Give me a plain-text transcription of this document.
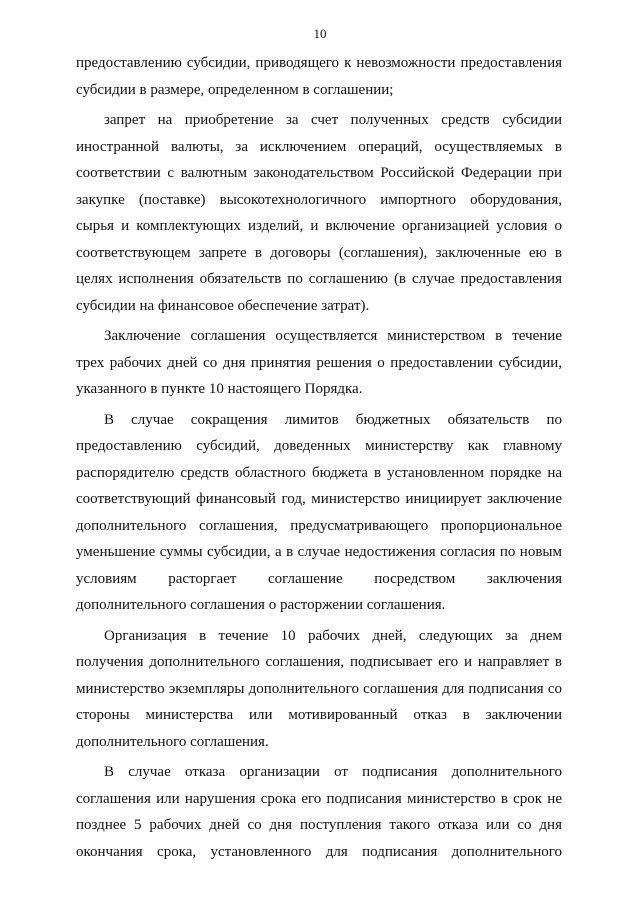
10
предоставлению субсидии, приводящего к невозможности предоставления
субсидии в размере, определенном в соглашении;
запрет на приобретение за счет полученных средств субсидии
иностранной валюты, за исключением операций, осуществляемых в
соответствии с валютным законодательством Российской Федерации при
закупке (поставке) высокотехнологичного импортного оборудования,
сырья и комплектующих изделий, и включение организацией условия о
соответствующем запрете в договоры (соглашения), заключенные ею в
целях исполнения обязательств по соглашению (в случае предоставления
субсидии на финансовое обеспечение затрат).
Заключение соглашения осуществляется министерством в течение
трех рабочих дней со дня принятия решения о предоставлении субсидии,
указанного в пункте 10 настоящего Порядка.
В случае сокращения лимитов бюджетных обязательств по
предоставлению субсидий, доведенных министерству как главному
распорядителю средств областного бюджета в установленном порядке на
соответствующий финансовый год, министерство инициирует заключение
дополнительного соглашения, предусматривающего пропорциональное
уменьшение суммы субсидии, а в случае недостижения согласия по новым
условиям расторгает соглашение посредством заключения
дополнительного соглашения о расторжении соглашения.
Организация в течение 10 рабочих дней, следующих за днем
получения дополнительного соглашения, подписывает его и направляет в
министерство экземпляры дополнительного соглашения для подписания со
стороны министерства или мотивированный отказ в заключении
дополнительного соглашения.
В случае отказа организации от подписания дополнительного
соглашения или нарушения срока его подписания министерство в срок не
позднее 5 рабочих дней со дня поступления такого отказа или со дня
окончания срока, установленного для подписания дополнительного
